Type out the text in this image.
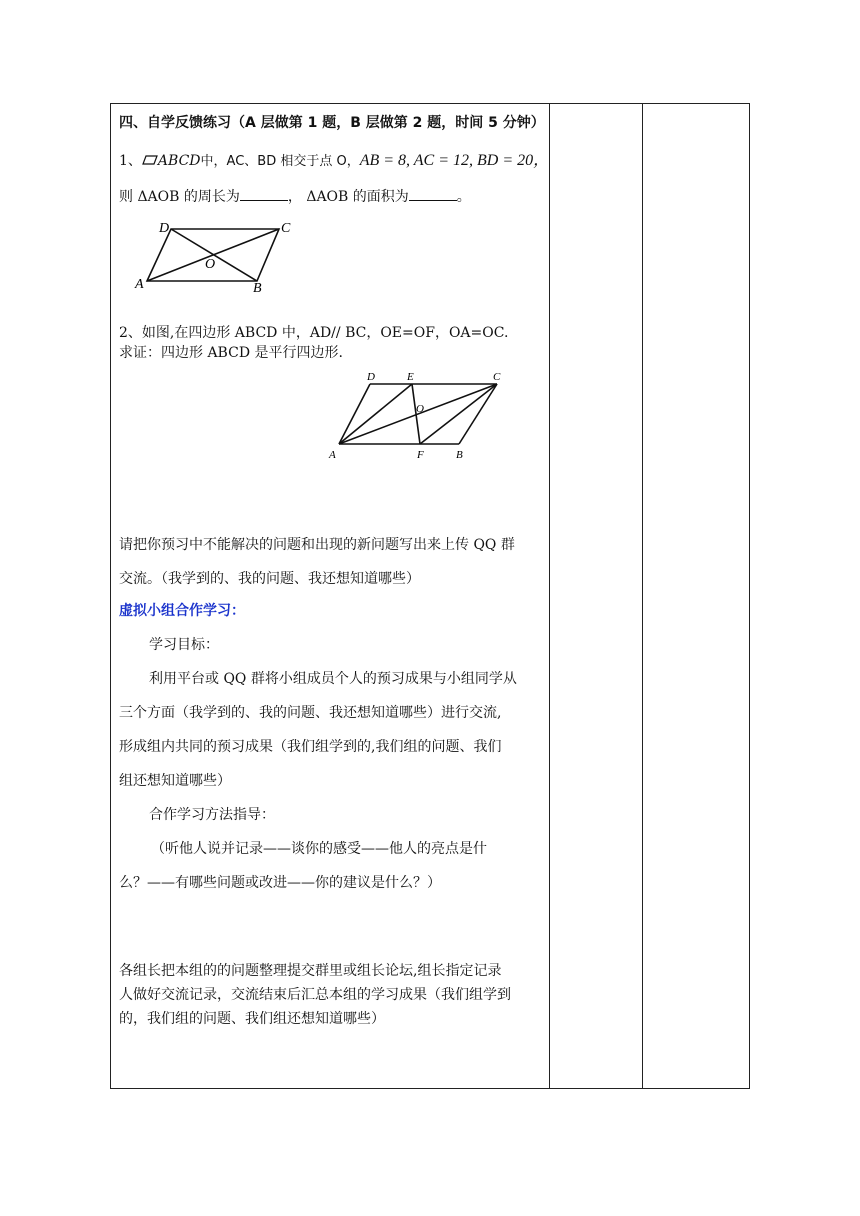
四、自学反馈练习（A 层做第 1 题，B 层做第 2 题，时间 5 分钟）
1、 ABCD中，AC、BD 相交于点 O，AB = 8, AC = 12, BD = 20，
则 ΔAOB 的周长为	， ΔAOB 的面积为	。
D	C
O
A	B
2、如图,在四边形 ABCD 中，AD// BC，OE=OF，OA=OC.
求证：四边形 ABCD 是平行四边形.
D	E	C
O
A	F	B
请把你预习中不能解决的问题和出现的新问题写出来上传 QQ 群
交流。（我学到的、我的问题、我还想知道哪些）
虚拟小组合作学习：
学习目标：
利用平台或 QQ 群将小组成员个人的预习成果与小组同学从
三个方面（我学到的、我的问题、我还想知道哪些）进行交流,
形成组内共同的预习成果（我们组学到的,我们组的问题、我们
组还想知道哪些）
合作学习方法指导：
（听他人说并记录——谈你的感受——他人的亮点是什
么？——有哪些问题或改进——你的建议是什么？）
各组长把本组的的问题整理提交群里或组长论坛,组长指定记录
人做好交流记录，交流结束后汇总本组的学习成果（我们组学到
的，我们组的问题、我们组还想知道哪些）
